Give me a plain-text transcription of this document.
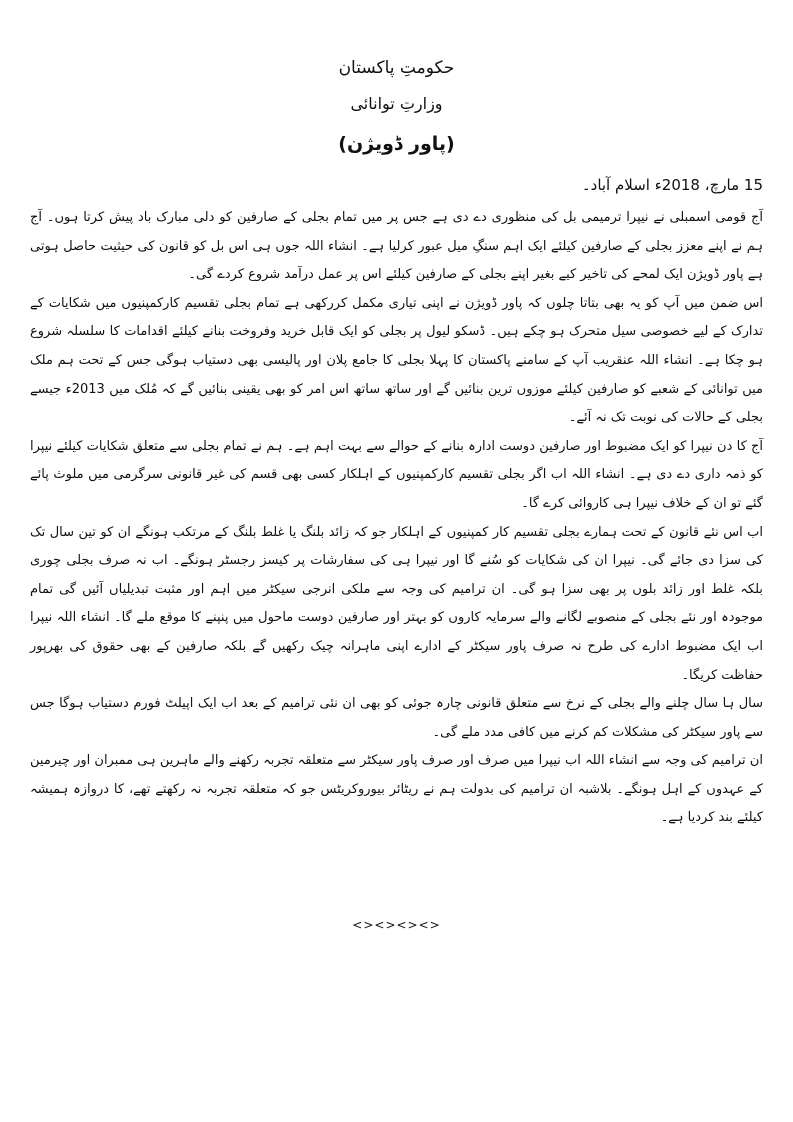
حکومتِ پاکستان
وزارتِ توانائی
(پاور ڈویژن)
15 مارچ، 2018ء اسلام آباد۔

آج قومی اسمبلی نے نیپرا ترمیمی بل کی منظوری دے دی ہے جس پر میں تمام بجلی کے صارفین کو دلی مبارک باد پیش کرتا ہوں۔ آج ہم نے اپنے معزز بجلی کے صارفین کیلئے ایک اہم سنگِ میل عبور کرلیا ہے۔ انشاء اللہ جوں ہی اس بل کو قانون کی حیثیت حاصل ہوتی ہے پاور ڈویژن ایک لمحے کی تاخیر کیے بغیر اپنے بجلی کے صارفین کیلئے اس پر عمل درآمد شروع کردے گی۔

اس ضمن میں آپ کو یہ بھی بتاتا چلوں کہ پاور ڈویژن نے اپنی تیاری مکمل کررکھی ہے تمام بجلی تقسیم کارکمپنیوں میں شکایات کے تدارک کے لیے خصوصی سیل متحرک ہو چکے ہیں۔ ڈسکو لیول پر بجلی کو ایک قابل خرید وفروخت بنانے کیلئے اقدامات کا سلسلہ شروع ہو چکا ہے۔ انشاء اللہ عنقریب آپ کے سامنے پاکستان کا پہلا بجلی کا جامع پلان اور پالیسی بھی دستیاب ہوگی جس کے تحت ہم ملک میں توانائی کے شعبے کو صارفین کیلئے موزوں ترین بنائیں گے اور ساتھ ساتھ اس امر کو بھی یقینی بنائیں گے کہ مُلک میں 2013ء جیسے بجلی کے حالات کی نوبت تک نہ آئے۔

آج کا دن نیپرا کو ایک مضبوط اور صارفین دوست ادارہ بنانے کے حوالے سے بہت اہم ہے۔ ہم نے تمام بجلی سے متعلق شکایات کیلئے نیپرا کو ذمہ داری دے دی ہے۔ انشاء اللہ اب اگر بجلی تقسیم کارکمپنیوں کے اہلکار کسی بھی قسم کی غیر قانونی سرگرمی میں ملوث پائے گئے تو ان کے خلاف نیپرا ہی کاروائی کرے گا۔

اب اس نئے قانون کے تحت ہمارے بجلی تقسیم کار کمپنیوں کے اہلکار جو کہ زائد بلنگ یا غلط بلنگ کے مرتکب ہونگے ان کو تین سال تک کی سزا دی جائے گی۔ نیپرا ان کی شکایات کو سُنے گا اور نیپرا ہی کی سفارشات پر کیسز رجسٹر ہونگے۔ اب نہ صرف بجلی چوری بلکہ غلط اور زائد بلوں پر بھی سزا ہو گی۔ ان ترامیم کی وجہ سے ملکی انرجی سیکٹر میں اہم اور مثبت تبدیلیاں آئیں گی تمام موجودہ اور نئے بجلی کے منصوبے لگانے والے سرمایہ کاروں کو بہتر اور صارفین دوست ماحول میں پنپنے کا موقع ملے گا۔ انشاء اللہ نیپرا اب ایک مضبوط ادارے کی طرح نہ صرف پاور سیکٹر کے ادارے اپنی ماہرانہ چیک رکھیں گے بلکہ صارفین کے بھی حقوق کی بھرپور حفاظت کریگا۔

سال ہا سال چلنے والے بجلی کے نرخ سے متعلق قانونی چارہ جوئی کو بھی ان نئی ترامیم کے بعد اب ایک اپیلٹ فورم دستیاب ہوگا جس سے پاور سیکٹر کی مشکلات کم کرنے میں کافی مدد ملے گی۔

ان ترامیم کی وجہ سے انشاء اللہ اب نیپرا میں صرف اور صرف پاور سیکٹر سے متعلقہ تجربہ رکھنے والے ماہرین ہی ممبران اور چیرمین کے عہدوں کے اہل ہونگے۔ بلاشبہ ان ترامیم کی بدولت ہم نے ریٹائر بیوروکریٹس جو کہ متعلقہ تجربہ نہ رکھتے تھے، کا دروازہ ہمیشہ کیلئے بند کردیا ہے۔

<><><><>
